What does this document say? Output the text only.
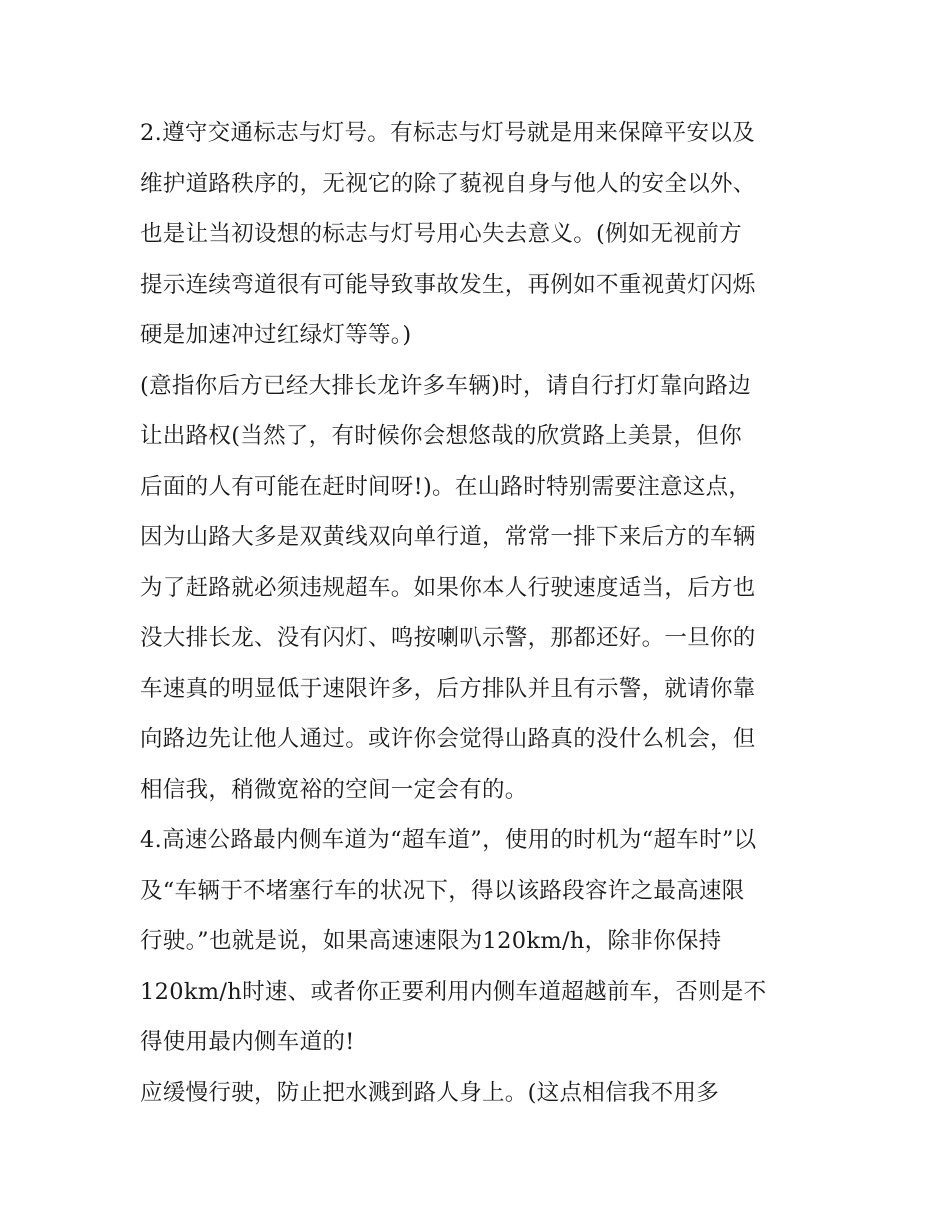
2.遵守交通标志与灯号。有标志与灯号就是用来保障平安以及
维护道路秩序的，无视它的除了藐视自身与他人的安全以外、
也是让当初设想的标志与灯号用心失去意义。(例如无视前方
提示连续弯道很有可能导致事故发生，再例如不重视黄灯闪烁
硬是加速冲过红绿灯等等。)
(意指你后方已经大排长龙许多车辆)时，请自行打灯靠向路边
让出路权(当然了，有时候你会想悠哉的欣赏路上美景，但你
后面的人有可能在赶时间呀!)。在山路时特别需要注意这点，
因为山路大多是双黄线双向单行道，常常一排下来后方的车辆
为了赶路就必须违规超车。如果你本人行驶速度适当，后方也
没大排长龙、没有闪灯、鸣按喇叭示警，那都还好。一旦你的
车速真的明显低于速限许多，后方排队并且有示警，就请你靠
向路边先让他人通过。或许你会觉得山路真的没什么机会，但
相信我，稍微宽裕的空间一定会有的。
4.高速公路最内侧车道为“超车道”，使用的时机为“超车时”以
及“车辆于不堵塞行车的状况下，得以该路段容许之最高速限
行驶。”也就是说，如果高速速限为120km/h，除非你保持
120km/h时速、或者你正要利用内侧车道超越前车，否则是不
得使用最内侧车道的!
应缓慢行驶，防止把水溅到路人身上。(这点相信我不用多
